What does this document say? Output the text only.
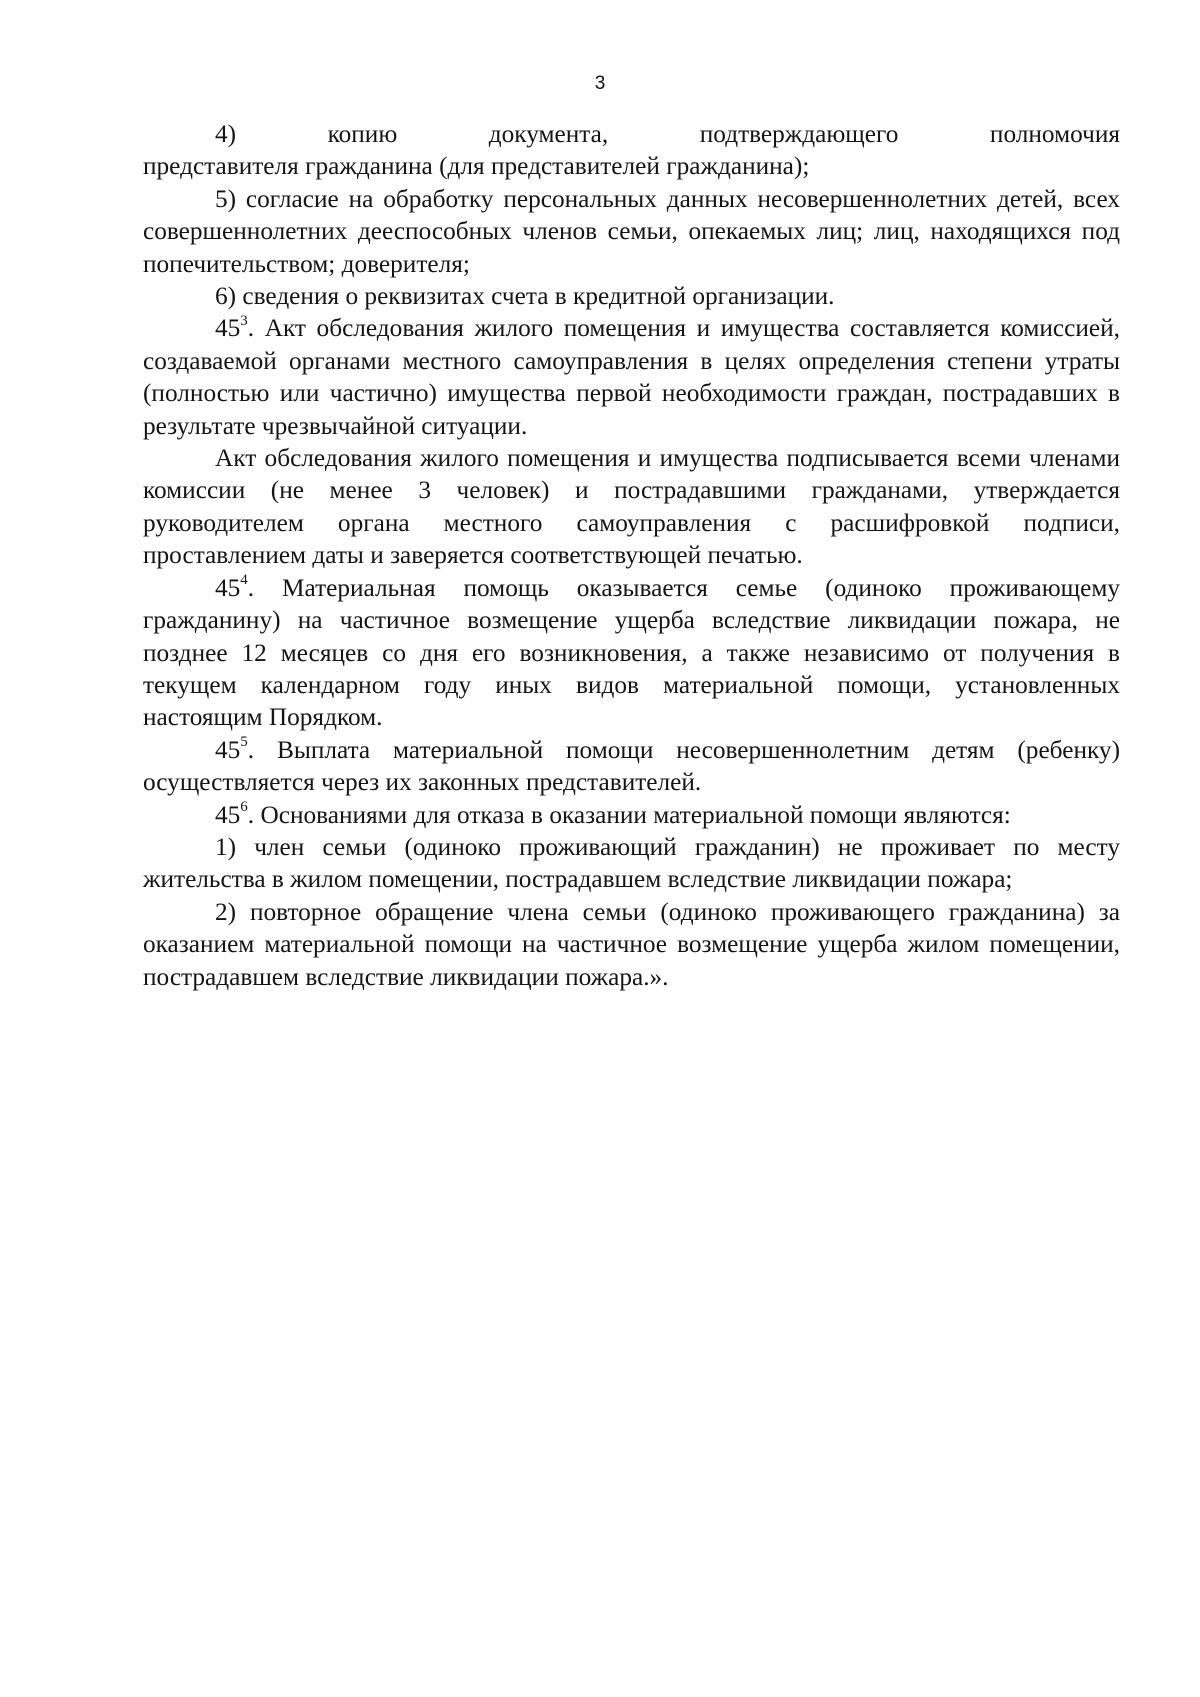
3

4) копию документа, подтверждающего полномочия

представителя гражданина (для представителей гражданина);

5) согласие на обработку персональных данных несовершеннолетних детей, всех совершеннолетних дееспособных членов семьи, опекаемых лиц; лиц, находящихся под попечительством; доверителя;

6) сведения о реквизитах счета в кредитной организации.

$45^3$. Акт обследования жилого помещения и имущества составляется комиссией, создаваемой органами местного самоуправления в целях определения степени утраты (полностью или частично) имущества первой необходимости граждан, пострадавших в результате чрезвычайной ситуации.

Акт обследования жилого помещения и имущества подписывается всеми членами комиссии (не менее 3 человек) и пострадавшими гражданами, утверждается руководителем органа местного самоуправления с расшифровкой подписи, проставлением даты и заверяется соответствующей печатью.

$45^4$. Материальная помощь оказывается семье (одиноко проживающему гражданину) на частичное возмещение ущерба вследствие ликвидации пожара, не позднее 12 месяцев со дня его возникновения, а также независимо от получения в текущем календарном году иных видов материальной помощи, установленных настоящим Порядком.

$45^5$. Выплата материальной помощи несовершеннолетним детям (ребенку) осуществляется через их законных представителей.

$45^6$. Основаниями для отказа в оказании материальной помощи являются:

1) член семьи (одиноко проживающий гражданин) не проживает по месту жительства в жилом помещении, пострадавшем вследствие ликвидации пожара;

2) повторное обращение члена семьи (одиноко проживающего гражданина) за оказанием материальной помощи на частичное возмещение ущерба жилом помещении, пострадавшем вследствие ликвидации пожара.».
